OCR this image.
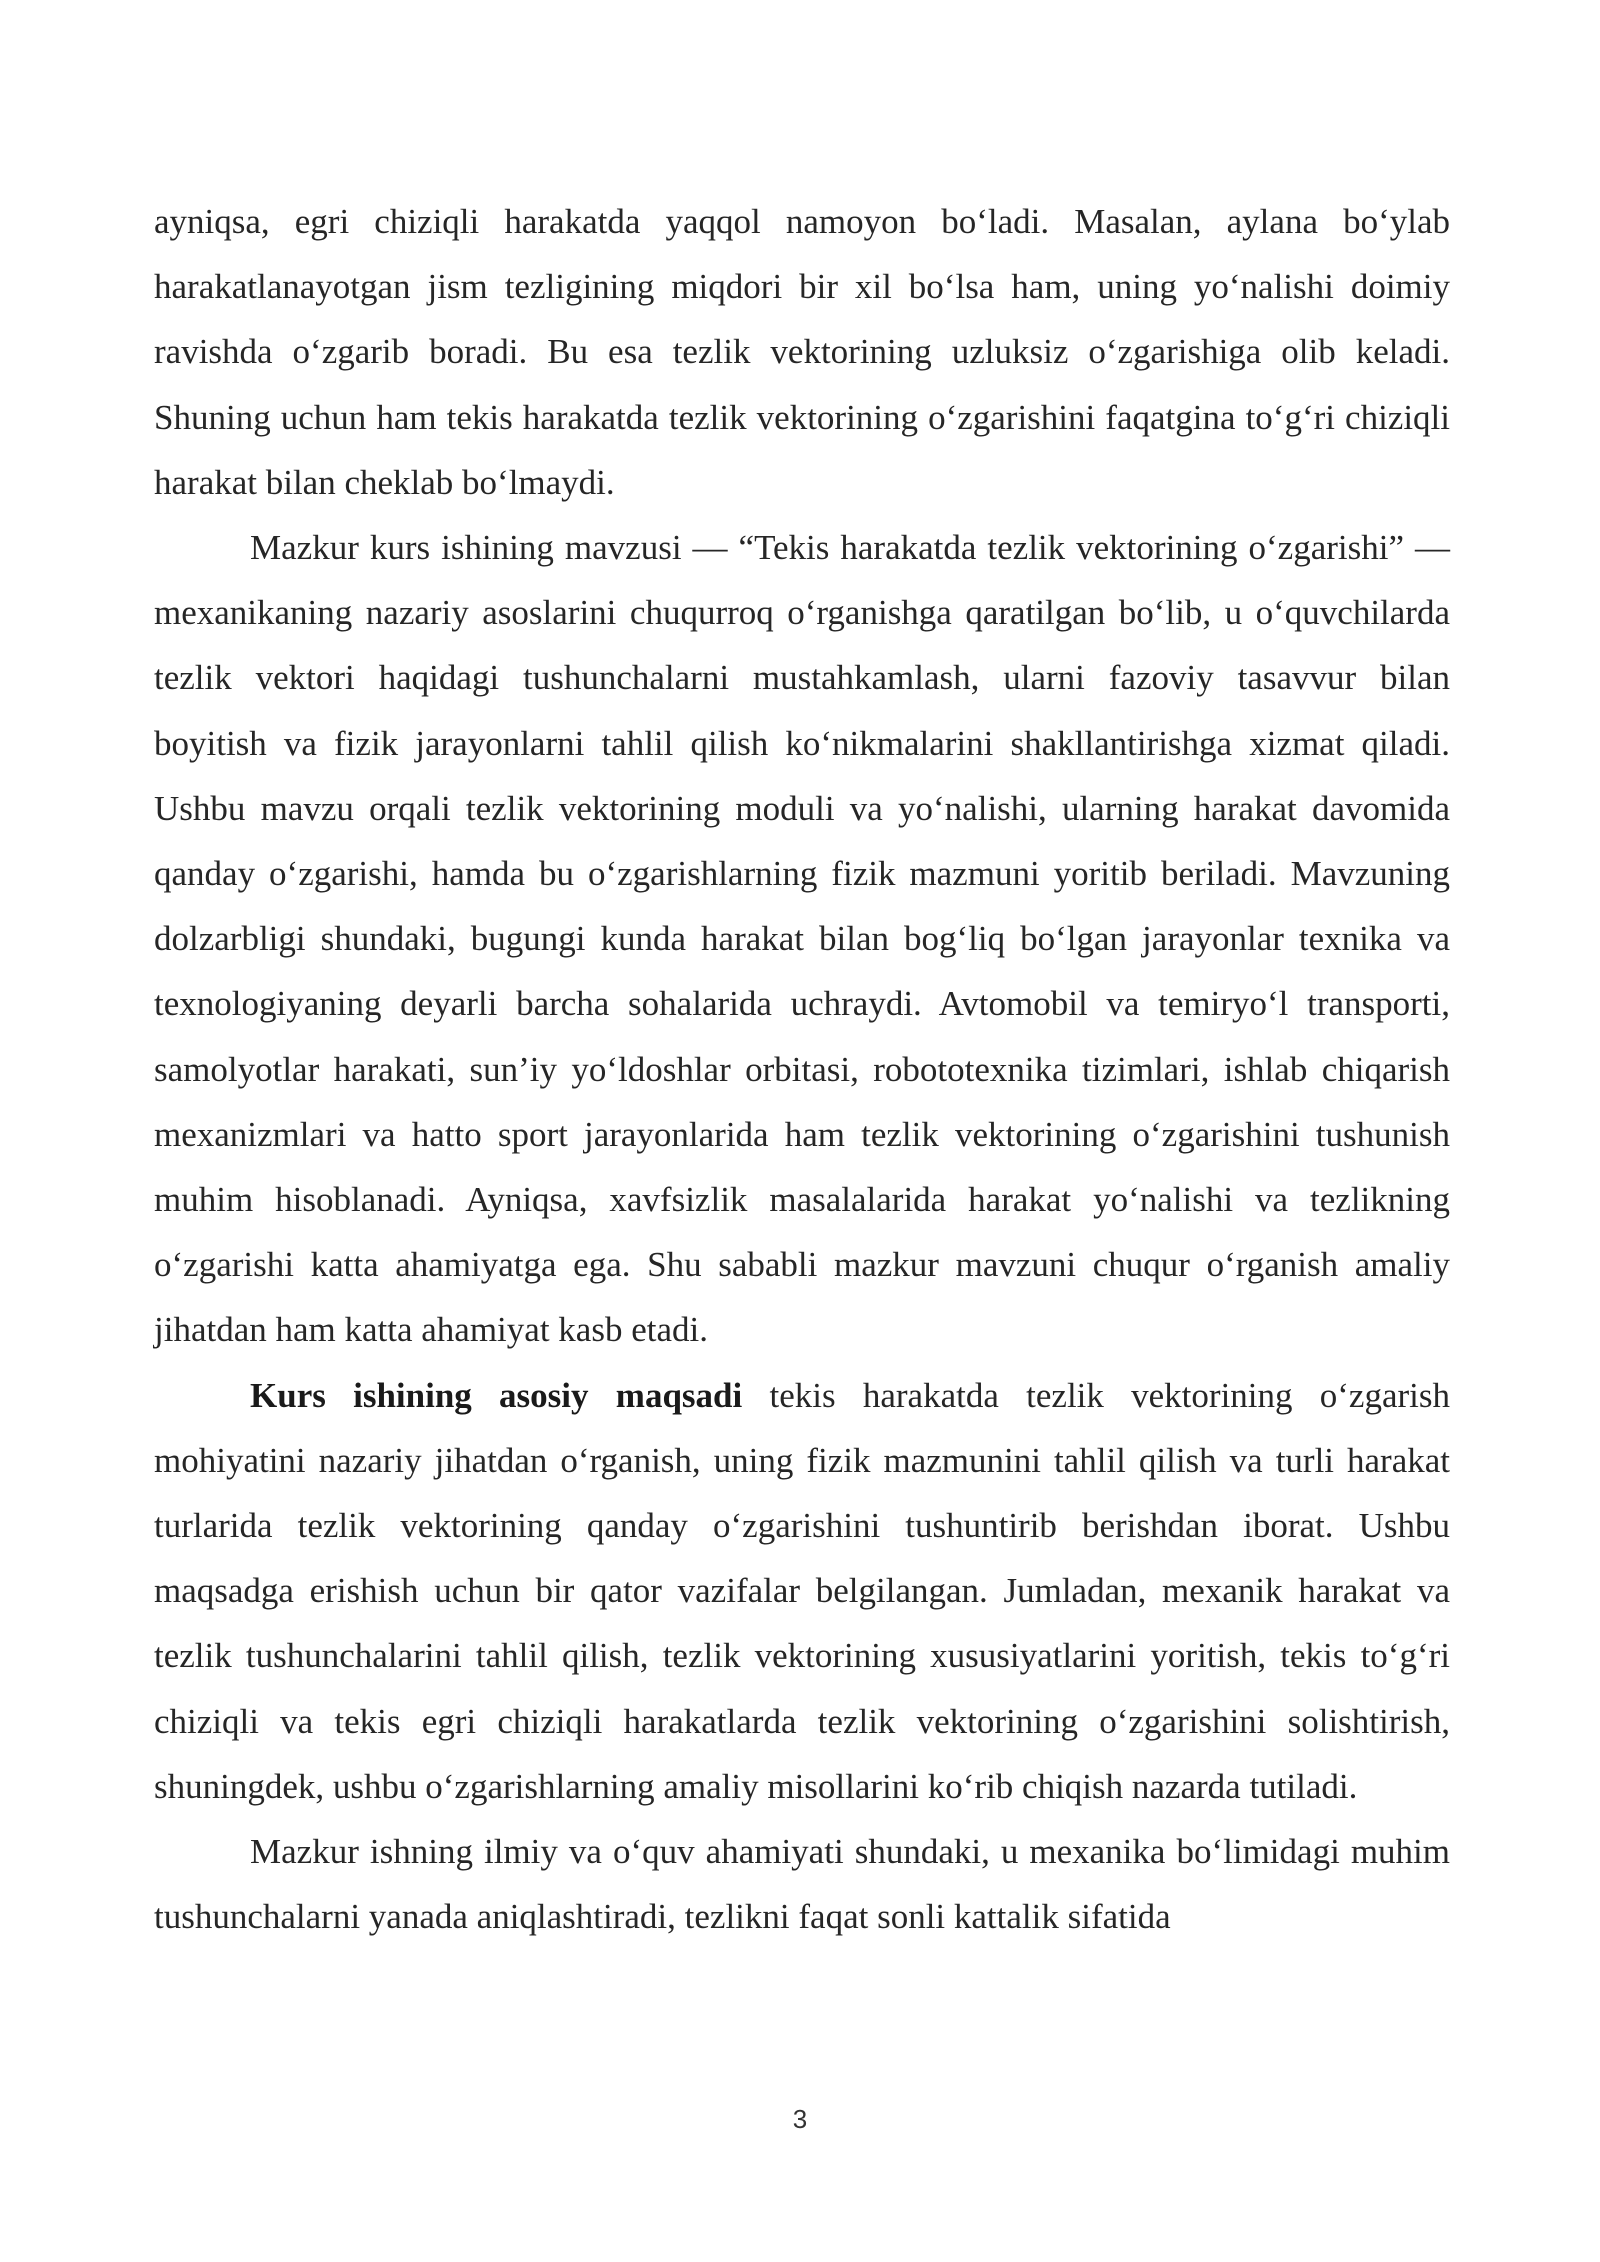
ayniqsa, egri chiziqli harakatda yaqqol namoyon bo‘ladi. Masalan, aylana bo‘ylab harakatlanayotgan jism tezligining miqdori bir xil bo‘lsa ham, uning yo‘nalishi doimiy ravishda o‘zgarib boradi. Bu esa tezlik vektorining uzluksiz o‘zgarishiga olib keladi. Shuning uchun ham tekis harakatda tezlik vektorining o‘zgarishini faqatgina to‘g‘ri chiziqli harakat bilan cheklab bo‘lmaydi.

Mazkur kurs ishining mavzusi — “Tekis harakatda tezlik vektorining o‘zgarishi” — mexanikaning nazariy asoslarini chuqurroq o‘rganishga qaratilgan bo‘lib, u o‘quvchilarda tezlik vektori haqidagi tushunchalarni mustahkamlash, ularni fazoviy tasavvur bilan boyitish va fizik jarayonlarni tahlil qilish ko‘nikmalarini shakllantirishga xizmat qiladi. Ushbu mavzu orqali tezlik vektorining moduli va yo‘nalishi, ularning harakat davomida qanday o‘zgarishi, hamda bu o‘zgarishlarning fizik mazmuni yoritib beriladi. Mavzuning dolzarbligi shundaki, bugungi kunda harakat bilan bog‘liq bo‘lgan jarayonlar texnika va texnologiyaning deyarli barcha sohalarida uchraydi. Avtomobil va temiryo‘l transporti, samolyotlar harakati, sun’iy yo‘ldoshlar orbitasi, robototexnika tizimlari, ishlab chiqarish mexanizmlari va hatto sport jarayonlarida ham tezlik vektorining o‘zgarishini tushunish muhim hisoblanadi. Ayniqsa, xavfsizlik masalalarida harakat yo‘nalishi va tezlikning o‘zgarishi katta ahamiyatga ega. Shu sababli mazkur mavzuni chuqur o‘rganish amaliy jihatdan ham katta ahamiyat kasb etadi.

Kurs ishining asosiy maqsadi tekis harakatda tezlik vektorining o‘zgarish mohiyatini nazariy jihatdan o‘rganish, uning fizik mazmunini tahlil qilish va turli harakat turlarida tezlik vektorining qanday o‘zgarishini tushuntirib berishdan iborat. Ushbu maqsadga erishish uchun bir qator vazifalar belgilangan. Jumladan, mexanik harakat va tezlik tushunchalarini tahlil qilish, tezlik vektorining xususiyatlarini yoritish, tekis to‘g‘ri chiziqli va tekis egri chiziqli harakatlarda tezlik vektorining o‘zgarishini solishtirish, shuningdek, ushbu o‘zgarishlarning amaliy misollarini ko‘rib chiqish nazarda tutiladi.

Mazkur ishning ilmiy va o‘quv ahamiyati shundaki, u mexanika bo‘limidagi muhim tushunchalarni yanada aniqlashtiradi, tezlikni faqat sonli kattalik sifatida

3
